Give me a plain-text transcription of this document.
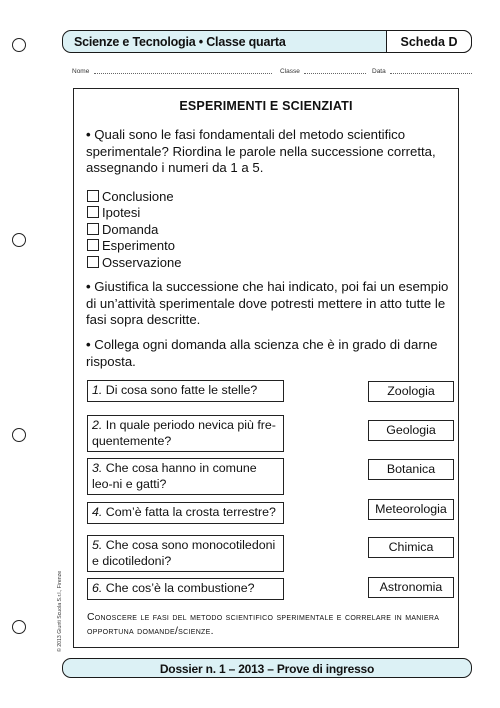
Scienze e Tecnologia • Classe quarta	Scheda D
Nome	Classe	Data
ESPERIMENTI E SCIENZIATI
• Quali sono le fasi fondamentali del metodo scientifico sperimentale? Riordina le parole nella successione corretta, assegnando i numeri da 1 a 5.
Conclusione
Ipotesi
Domanda
Esperimento
Osservazione
• Giustifica la successione che hai indicato, poi fai un esempio di un’attività sperimentale dove potresti mettere in atto tutte le fasi sopra descritte.
• Collega ogni domanda alla scienza che è in grado di darne risposta.
1. Di cosa sono fatte le stelle?
2. In quale periodo nevica più fre-quentemente?
3. Che cosa hanno in comune leo-ni e gatti?
4. Com’è fatta la crosta terrestre?
5. Che cosa sono monocotiledoni e dicotiledoni?
6. Che cos’è la combustione?
Zoologia
Geologia
Botanica
Meteorologia
Chimica
Astronomia
Conoscere le fasi del metodo scientifico sperimentale e correlare in maniera opportuna domande/scienze.
© 2013 Giunti Scuola S.r.l., Firenze
Dossier n. 1 – 2013 – Prove di ingresso
